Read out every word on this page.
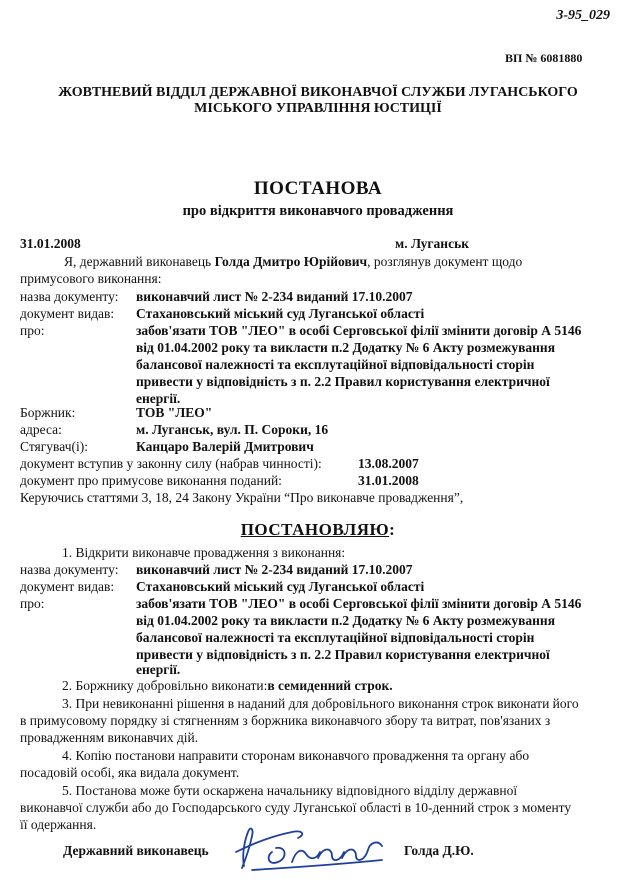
3-95_029
ВП № 6081880
ЖОВТНЕВИЙ ВІДДІЛ ДЕРЖАВНОЇ ВИКОНАВЧОЇ СЛУЖБИ ЛУГАНСЬКОГО
МІСЬКОГО УПРАВЛІННЯ ЮСТИЦІЇ
ПОСТАНОВА
про відкриття виконавчого провадження
31.01.2008	м. Луганськ
Я, державний виконавець Голда Дмитро Юрійович, розглянув документ щодо
примусового виконання:
назва документу: виконавчий лист № 2-234 виданий 17.10.2007
документ видав: Стахановський міський суд Луганської області
про:	забов'язати ТОВ "ЛЕО" в особі Серговської філії змінити договір А 5146
від 01.04.2002 року та викласти п.2 Додатку № 6 Акту розмежування
балансової належності та експлутаційної відповідальності сторін
привести у відповідність з п. 2.2 Правил користування електричної
енергії.
Боржник:	ТОВ "ЛЕО"
адреса:	м. Луганськ, вул. П. Сороки, 16
Стягувач(і):	Канцаро Валерій Дмитрович
документ вступив у законну силу (набрав чинності):	13.08.2007
документ про примусове виконання поданий:	31.01.2008
Керуючись статтями 3, 18, 24 Закону України “Про виконавче провадження”,
ПОСТАНОВЛЯЮ:
1. Відкрити виконавче провадження з виконання:
назва документу: виконавчий лист № 2-234 виданий 17.10.2007
документ видав: Стахановський міський суд Луганської області
про:	забов'язати ТОВ "ЛЕО" в особі Серговської філії змінити договір А 5146
від 01.04.2002 року та викласти п.2 Додатку № 6 Акту розмежування
балансової належності та експлутаційної відповідальності сторін
привести у відповідність з п. 2.2 Правил користування електричної
енергії.
2. Боржнику добровільно виконати:в семиденний строк.
3. При невиконанні рішення в наданий для добровільного виконання строк виконати його
в примусовому порядку зі стягненням з боржника виконавчого збору та витрат, пов'язаних з
провадженням виконавчих дій.
4. Копію постанови направити сторонам виконавчого провадження та органу або
посадовій особі, яка видала документ.
5. Постанова може бути оскаржена начальнику відповідного відділу державної
виконавчої служби або до Господарського суду Луганської області в 10-денний строк з моменту
її одержання.
Державний виконавець	Голда Д.Ю.
